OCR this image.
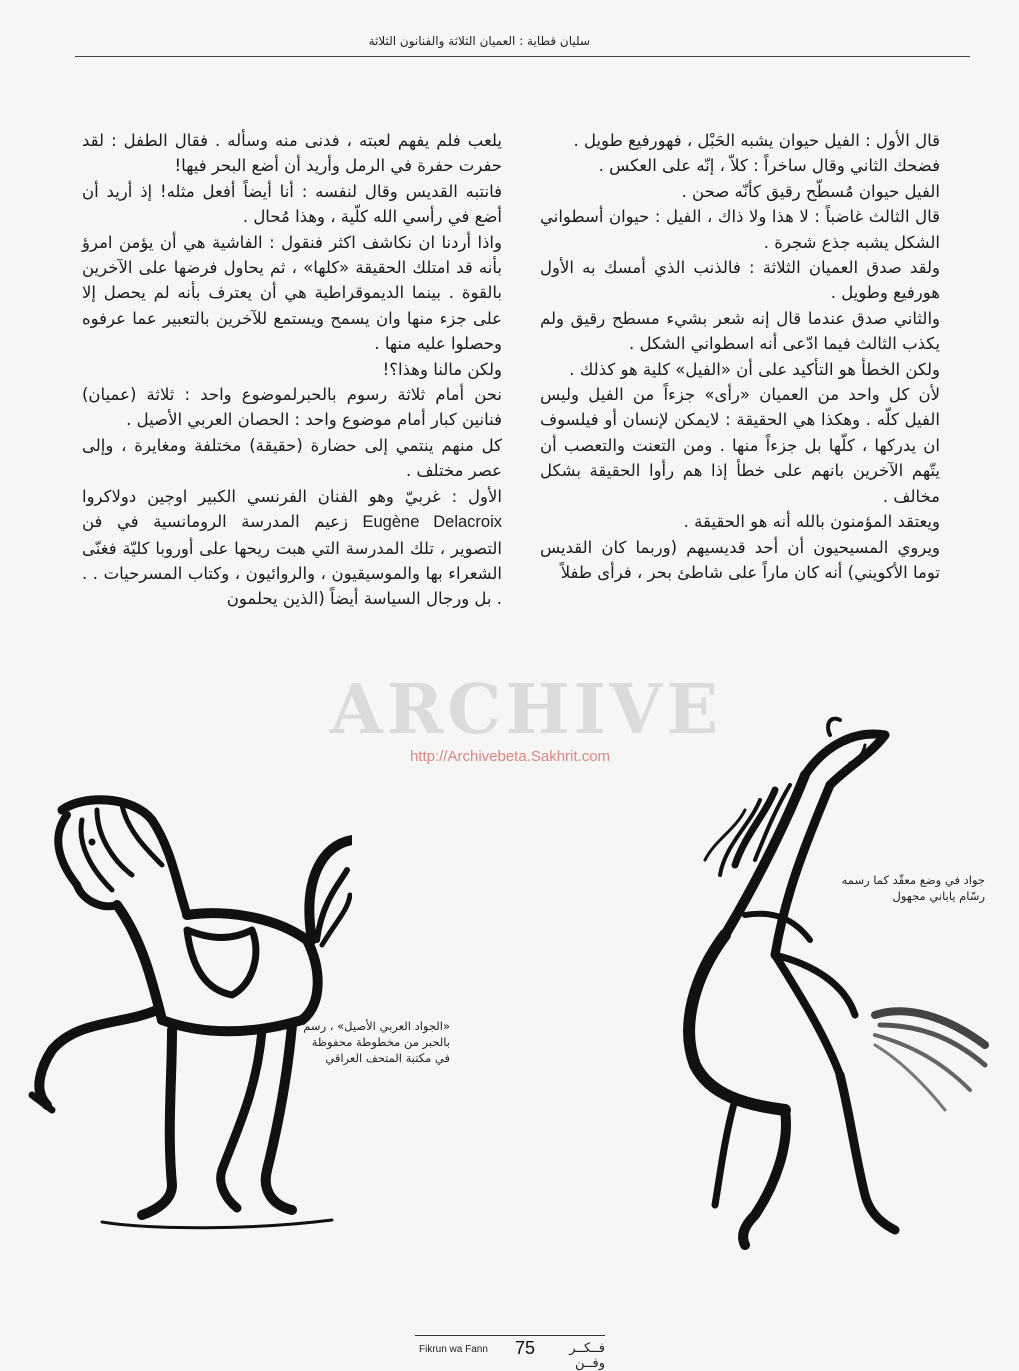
سليان قطاية : العميان الثلاثة والفنانون الثلاثة

قال الأول : الفيل حيوان يشبه الحَبْل ، فهورفيع طويل .

فضحك الثاني وقال ساخراً : كلاّ ، إنّه على العكس .

الفيل حيوان مُسطّح رقيق كأنّه صحن .

قال الثالث غاضباً : لا هذا ولا ذاك ، الفيل : حيوان أسطواني الشكل يشبه جذع شجرة .

ولقد صدق العميان الثلاثة : فالذنب الذي أمسك به الأول هورفيع وطويل .

والثاني صدق عندما قال إنه شعر بشيء مسطح رقيق ولم يكذب الثالث فيما ادّعى أنه اسطواني الشكل .

ولكن الخطأ هو التأكيد على أن «الفيل» كلية هو كذلك .

لأن كل واحد من العميان «رأى» جزءاً من الفيل وليس الفيل كلّه . وهكذا هي الحقيقة : لايمكن لإنسان أو فيلسوف ان يدركها ، كلّها بل جزءاً منها . ومن التعنت والتعصب أن يتّهم الآخرين بانهم على خطأ إذا هم رأوا الحقيقة بشكل مخالف .

ويعتقد المؤمنون بالله أنه هو الحقيقة .

ويروي المسيحيون أن أحد قديسيهم (وربما كان القديس توما الأكويني) أنه كان ماراً على شاطئ بحر ، فرأى طفلاً

يلعب فلم يفهم لعبته ، فدنى منه وسأله . فقال الطفل : لقد حفرت حفرة في الرمل وأريد أن أضع البحر فيها!

فانتبه القديس وقال لنفسه : أنا أيضاً أفعل مثله! إذ أريد أن أضع في رأسي الله كلّية ، وهذا مُحال .

واذا أردنا ان نكاشف اكثر فنقول : الفاشية هي أن يؤمن امرؤ بأنه قد امتلك الحقيقة «كلها» ، ثم يحاول فرضها على الآخرين بالقوة . بينما الديموقراطية هي أن يعترف بأنه لم يحصل إلا على جزء منها وان يسمح ويستمع للآخرين بالتعبير عما عرفوه وحصلوا عليه منها .

ولكن مالنا وهذا؟!

نحن أمام ثلاثة رسوم بالحبرلموضوع واحد : ثلاثة (عميان) فنانين كبار أمام موضوع واحد : الحصان العربي الأصيل .

كل منهم ينتمي إلى حضارة (حقيقة) مختلفة ومغايرة ، وإلى عصر مختلف .

الأول : غربيّ وهو الفنان الفرنسي الكبير اوجين دولاكروا Eugène Delacroix زعيم المدرسة الرومانسية في فن التصوير ، تلك المدرسة التي هبت ريحها على أوروبا كليّة فغنّى الشعراء بها والموسيقيون ، والروائيون ، وكتاب المسرحيات . . . بل ورجال السياسة أيضاً (الذين يحلمون

«الجواد العربي الأصيل» ، رسم بالحبر من مخطوطة محفوظة في مكتبة المتحف العراقي
جواد في وضع معقّد كما رسمه رسّام ياباني مجهول
ARCHIVE
http://Archivebeta.Sakhrit.com
Fikrun wa Fann 75	فــكــر وفــن
